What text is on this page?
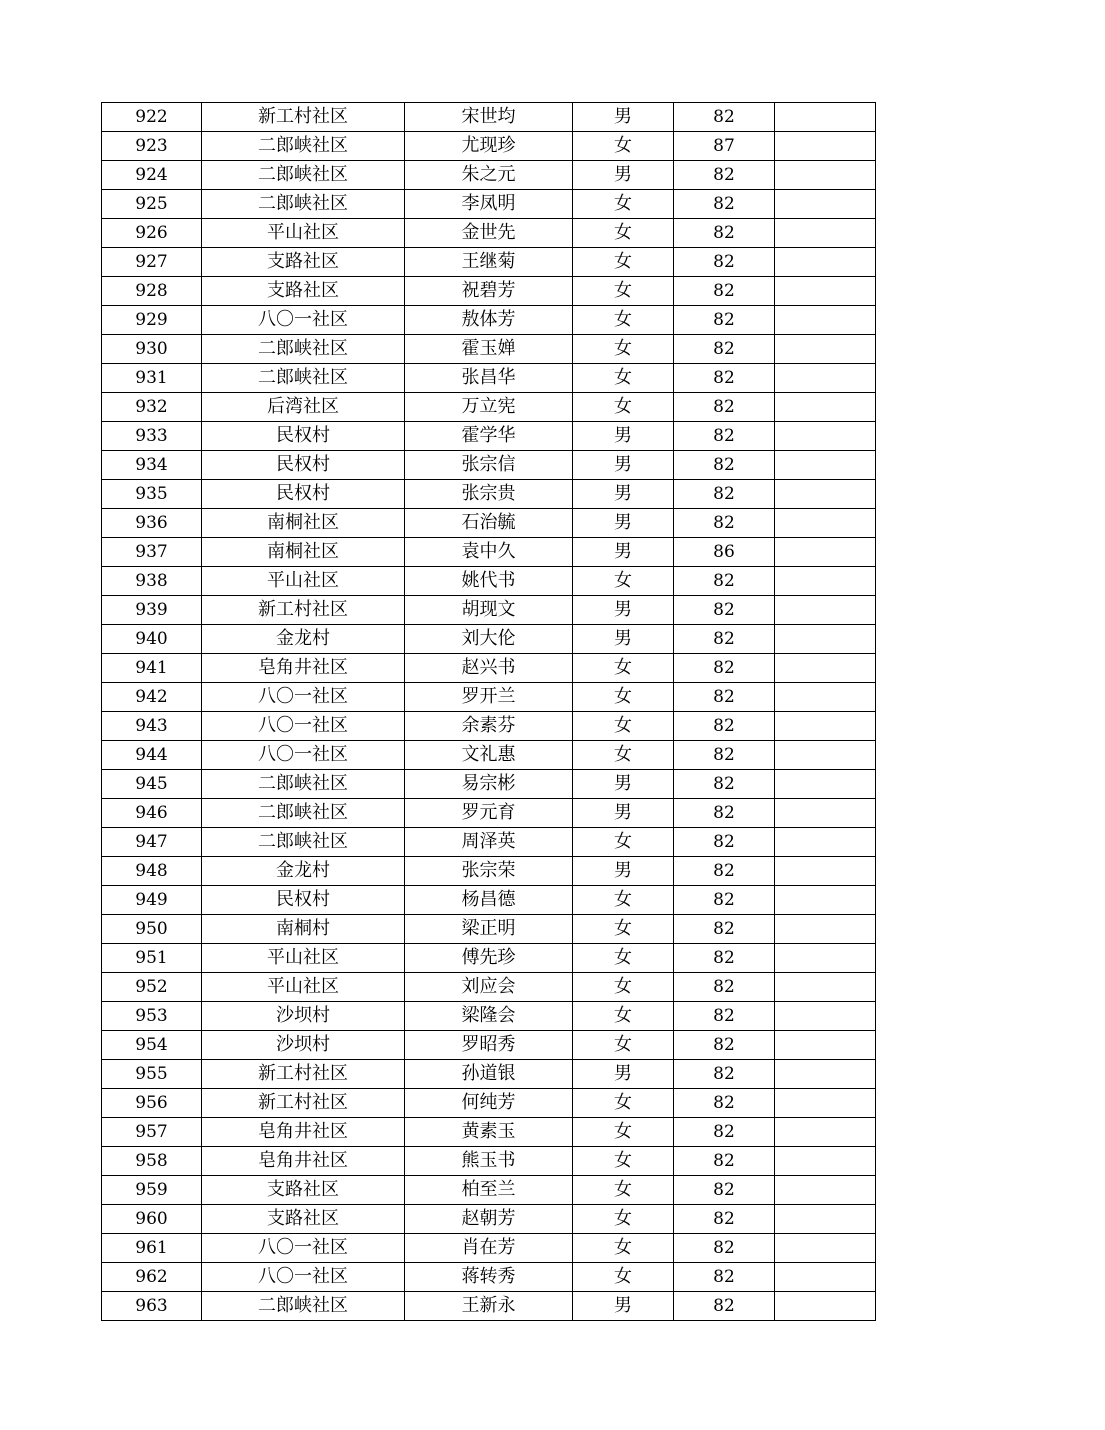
922	新工村社区	宋世均	男	82	
923	二郎峡社区	尤现珍	女	87	
924	二郎峡社区	朱之元	男	82	
925	二郎峡社区	李凤明	女	82	
926	平山社区	金世先	女	82	
927	支路社区	王继菊	女	82	
928	支路社区	祝碧芳	女	82	
929	八〇一社区	敖体芳	女	82	
930	二郎峡社区	霍玉婵	女	82	
931	二郎峡社区	张昌华	女	82	
932	后湾社区	万立宪	女	82	
933	民权村	霍学华	男	82	
934	民权村	张宗信	男	82	
935	民权村	张宗贵	男	82	
936	南桐社区	石治毓	男	82	
937	南桐社区	袁中久	男	86	
938	平山社区	姚代书	女	82	
939	新工村社区	胡现文	男	82	
940	金龙村	刘大伦	男	82	
941	皂角井社区	赵兴书	女	82	
942	八〇一社区	罗开兰	女	82	
943	八〇一社区	余素芬	女	82	
944	八〇一社区	文礼惠	女	82	
945	二郎峡社区	易宗彬	男	82	
946	二郎峡社区	罗元育	男	82	
947	二郎峡社区	周泽英	女	82	
948	金龙村	张宗荣	男	82	
949	民权村	杨昌德	女	82	
950	南桐村	梁正明	女	82	
951	平山社区	傅先珍	女	82	
952	平山社区	刘应会	女	82	
953	沙坝村	梁隆会	女	82	
954	沙坝村	罗昭秀	女	82	
955	新工村社区	孙道银	男	82	
956	新工村社区	何纯芳	女	82	
957	皂角井社区	黄素玉	女	82	
958	皂角井社区	熊玉书	女	82	
959	支路社区	柏至兰	女	82	
960	支路社区	赵朝芳	女	82	
961	八〇一社区	肖在芳	女	82	
962	八〇一社区	蒋转秀	女	82	
963	二郎峡社区	王新永	男	82	
